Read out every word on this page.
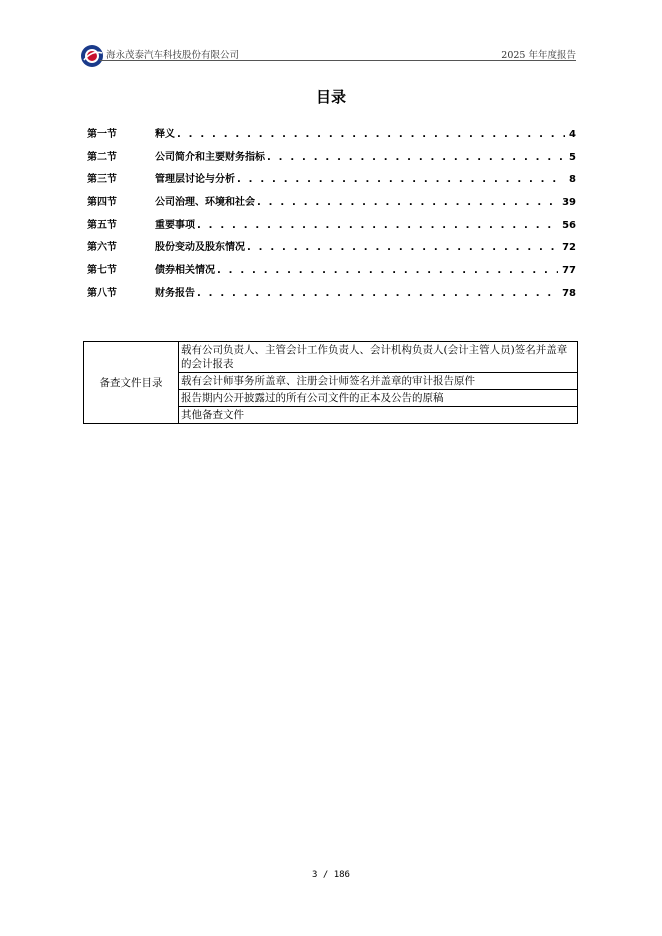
海永茂泰汽车科技股份有限公司	2025 年年度报告
目录
第一节	释义 . . .	4
第二节	公司简介和主要财务指标 . . .	5
第三节	管理层讨论与分析 . . .	8
第四节	公司治理、环境和社会 . . .	39
第五节	重要事项 . . .	56
第六节	股份变动及股东情况 . . .	72
第七节	债券相关情况 . . .	77
第八节	财务报告 . . .	78
备查文件目录	载有公司负责人、主管会计工作负责人、会计机构负责人(会计主管人员)签名并盖章的会计报表
载有会计师事务所盖章、注册会计师签名并盖章的审计报告原件
报告期内公开披露过的所有公司文件的正本及公告的原稿
其他备查文件
3 / 186
